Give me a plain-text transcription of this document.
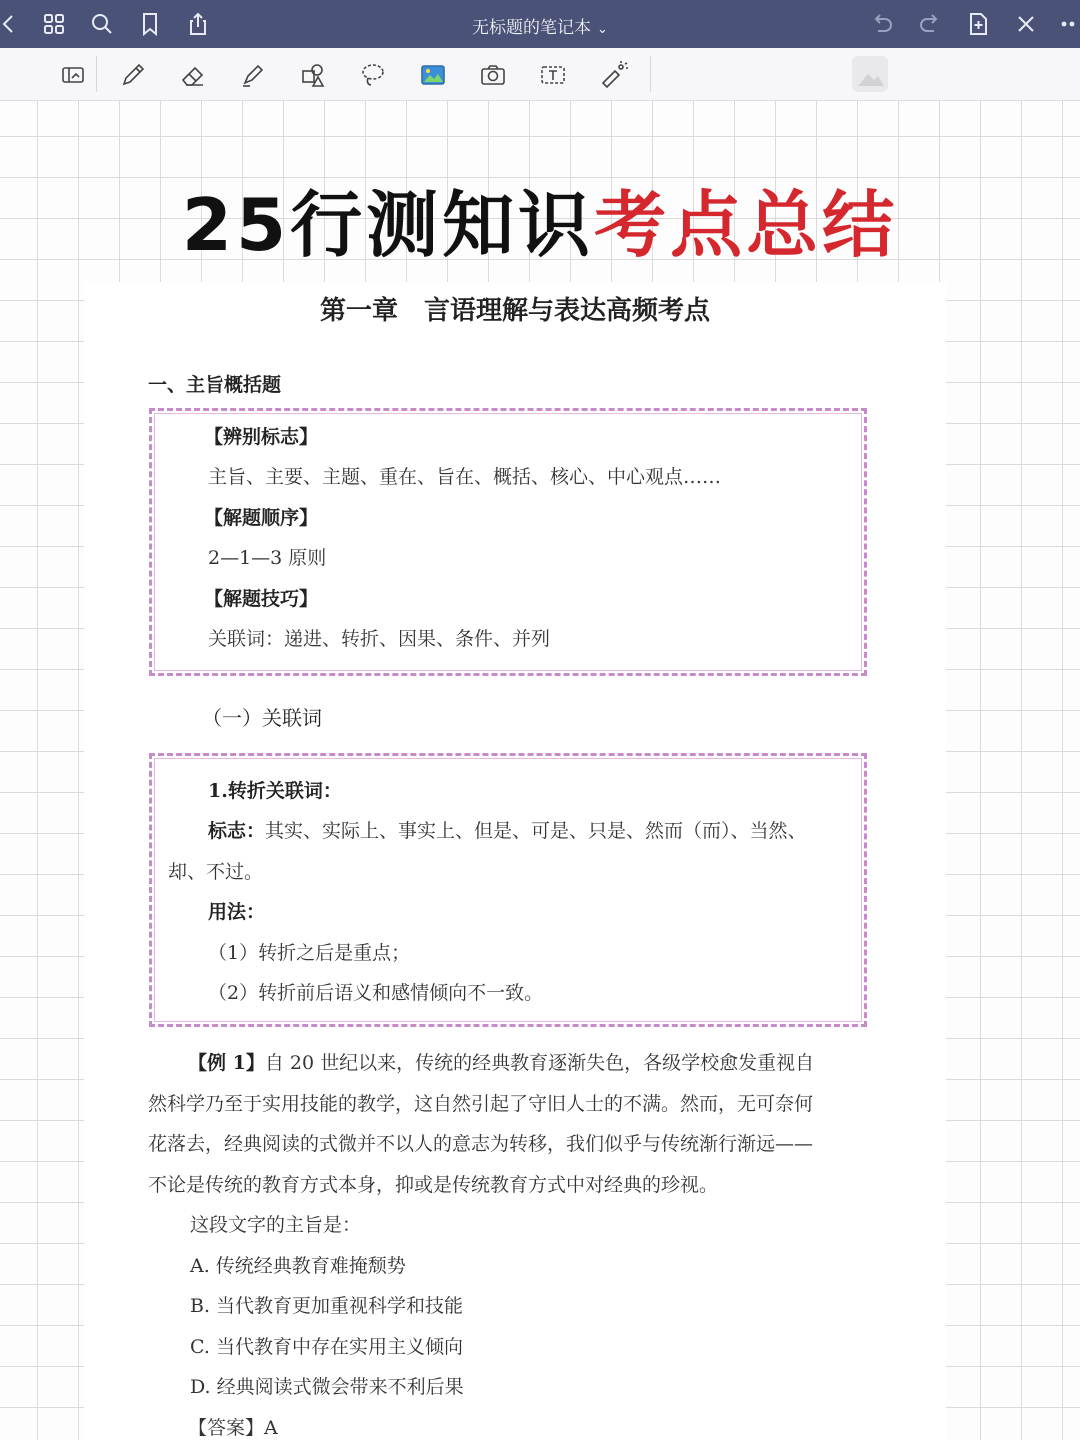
无标题的笔记本 ⌄
25行测知识考点总结
第一章　言语理解与表达高频考点
一、主旨概括题
【辨别标志】
主旨、主要、主题、重在、旨在、概括、核心、中心观点……
【解题顺序】
2—1—3 原则
【解题技巧】
关联词：递进、转折、因果、条件、并列
（一）关联词
1.转折关联词：
标志：其实、实际上、事实上、但是、可是、只是、然而（而）、当然、
却、不过。
用法：
（1）转折之后是重点；
（2）转折前后语义和感情倾向不一致。
【例 1】自 20 世纪以来，传统的经典教育逐渐失色，各级学校愈发重视自
然科学乃至于实用技能的教学，这自然引起了守旧人士的不满。然而，无可奈何
花落去，经典阅读的式微并不以人的意志为转移，我们似乎与传统渐行渐远——
不论是传统的教育方式本身，抑或是传统教育方式中对经典的珍视。
这段文字的主旨是：
A. 传统经典教育难掩颓势
B. 当代教育更加重视科学和技能
C. 当代教育中存在实用主义倾向
D. 经典阅读式微会带来不利后果
【答案】A
